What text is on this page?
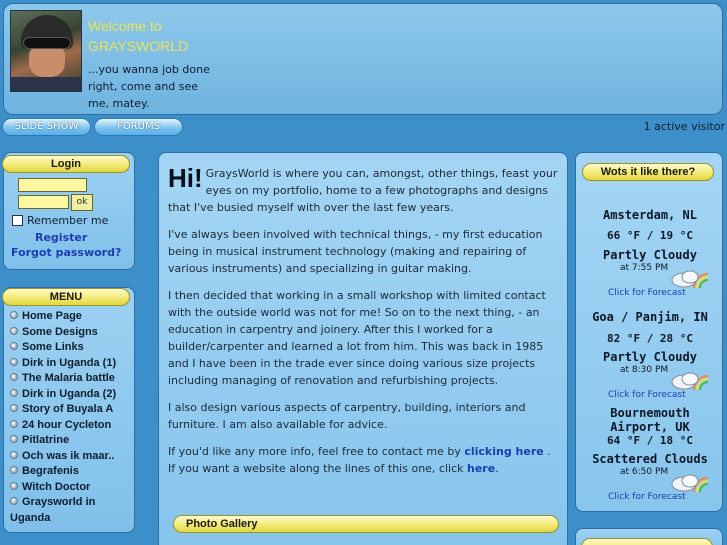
Welcome to
GRAYSWORLD
...you wanna job done right, come and see me, matey.
SLIDE SHOW	FORUMS	1 active visitor
Login
ok
Remember me
Register
Forgot password?
MENU
Home Page
Some Designs
Some Links
Dirk in Uganda (1)
The Malaria battle
Dirk in Uganda (2)
Story of Buyala A
24 hour Cycleton
Pitlatrine
Och was ik maar..
Begrafenis
Witch Doctor
Graysworld in Uganda

Hi! GraysWorld is where you can, amongst, other things, feast your eyes on my portfolio, home to a few photographs and designs that I've busied myself with over the last few years.

I've always been involved with technical things, - my first education being in musical instrument technology (making and repairing of various instruments) and specializing in guitar making.

I then decided that working in a small workshop with limited contact with the outside world was not for me! So on to the next thing, - an education in carpentry and joinery. After this I worked for a builder/carpenter and learned a lot from him. This was back in 1985 and I have been in the trade ever since doing various size projects including managing of renovation and refurbishing projects.

I also design various aspects of carpentry, building, interiors and furniture. I am also available for advice.

If you'd like any more info, feel free to contact me by clicking here . If you want a website along the lines of this one, click here.

Photo Gallery
Wots it like there?
Amsterdam, NL
66 °F / 19 °C
Partly Cloudy
at 7:55 PM
Click for Forecast
Goa / Panjim, IN
82 °F / 28 °C
Partly Cloudy
at 8:30 PM
Click for Forecast
Bournemouth Airport, UK
64 °F / 18 °C
Scattered Clouds
at 6:50 PM
Click for Forecast
